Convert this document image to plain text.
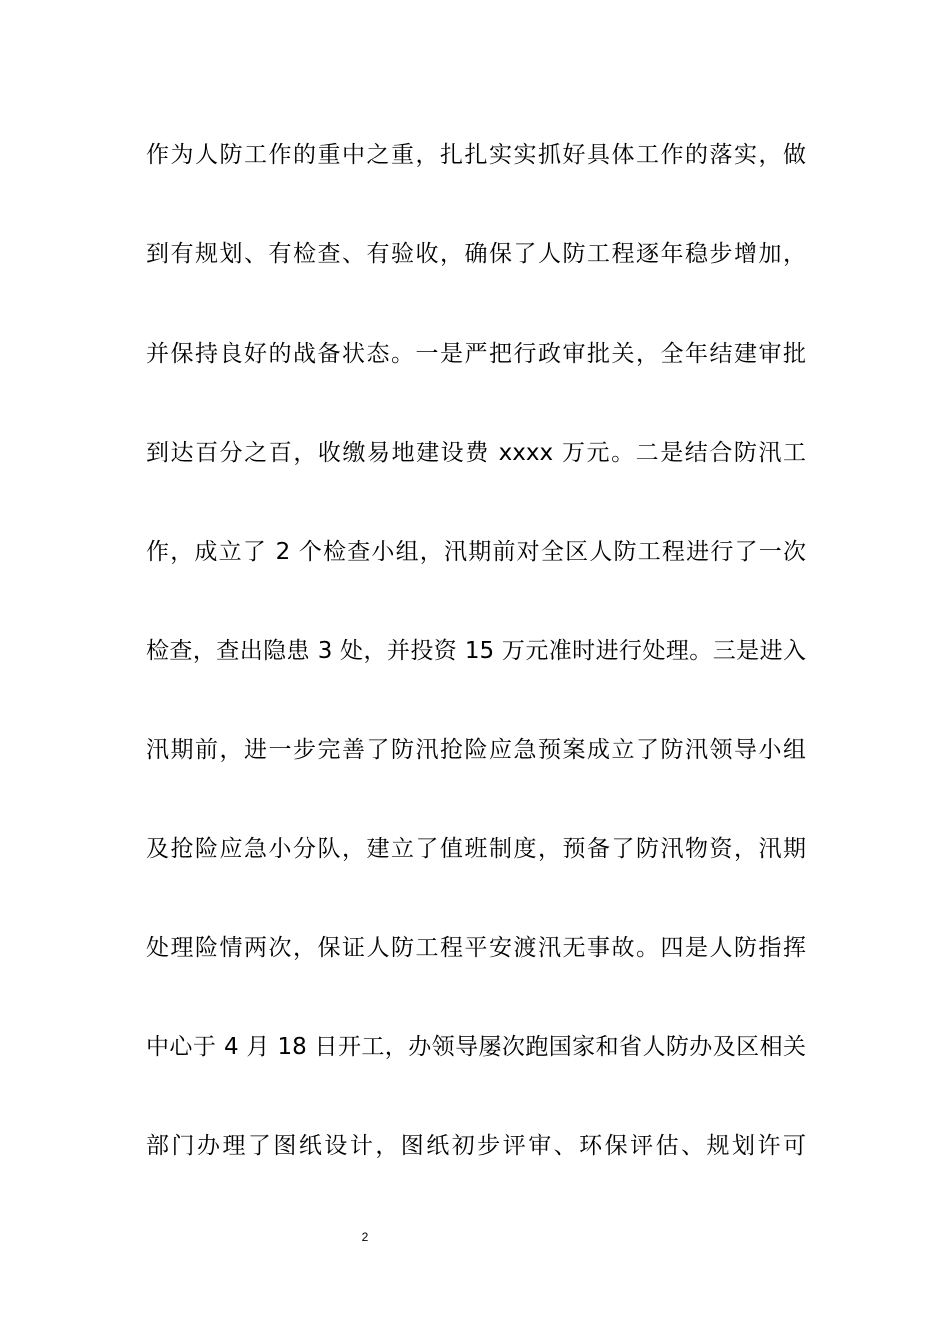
作为人防工作的重中之重，扎扎实实抓好具体工作的落实，做
到有规划、有检查、有验收，确保了人防工程逐年稳步增加，
并保持良好的战备状态。一是严把行政审批关，全年结建审批
到达百分之百，收缴易地建设费 xxxx 万元。二是结合防汛工
作，成立了 2 个检查小组，汛期前对全区人防工程进行了一次
检查，查出隐患 3 处，并投资 15 万元准时进行处理。三是进入
汛期前，进一步完善了防汛抢险应急预案成立了防汛领导小组
及抢险应急小分队，建立了值班制度，预备了防汛物资，汛期
处理险情两次，保证人防工程平安渡汛无事故。四是人防指挥
中心于 4 月 18 日开工，办领导屡次跑国家和省人防办及区相关
部门办理了图纸设计，图纸初步评审、环保评估、规划许可
2
